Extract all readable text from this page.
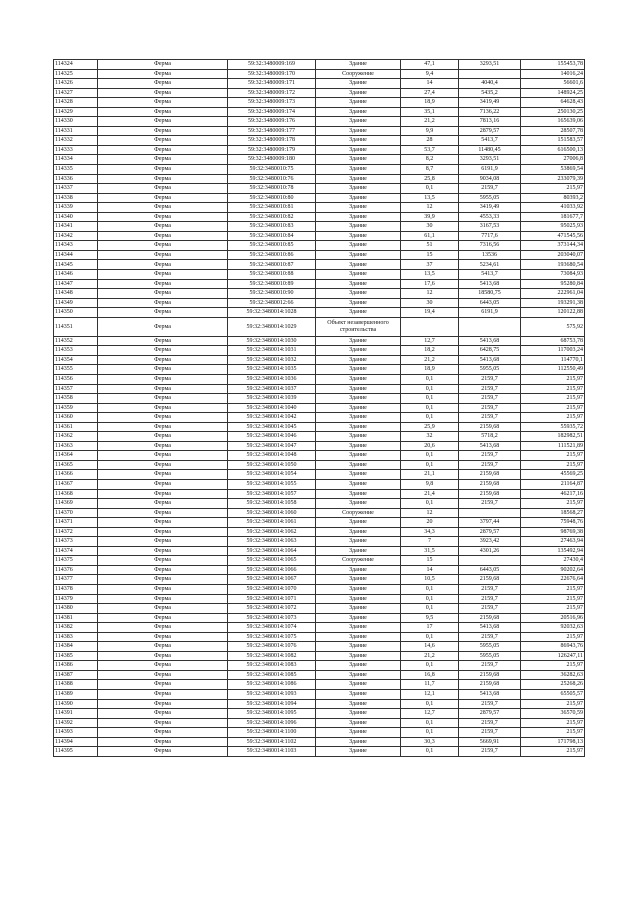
114324	Ферма	59:32:3480009:169	Здание	47,1	3293,51	155453,78
114325	Ферма	59:32:3480009:170	Сооружение	9,4		14016,24
114326	Ферма	59:32:3480009:171	Здание	14	4040,4	56601,6
114327	Ферма	59:32:3480009:172	Здание	27,4	5435,2	148924,25
114328	Ферма	59:32:3480009:173	Здание	18,9	3419,49	64628,43
114329	Ферма	59:32:3480009:174	Здание	35,1	7136,22	250130,25
114330	Ферма	59:32:3480009:176	Здание	21,2	7813,16	165639,06
114331	Ферма	59:32:3480009:177	Здание	9,9	2879,57	28507,78
114332	Ферма	59:32:3480009:178	Здание	28	5413,7	151583,57
114333	Ферма	59:32:3480009:179	Здание	53,7	11480,45	616500,13
114334	Ферма	59:32:3480009:180	Здание	8,2	3293,51	27006,8
114335	Ферма	59:32:3480010:75	Здание	8,7	6191,9	53869,54
114336	Ферма	59:32:3480010:76	Здание	25,8	9034,08	233079,39
114337	Ферма	59:32:3480010:78	Здание	0,1	2159,7	215,97
114338	Ферма	59:32:3480010:80	Здание	13,5	5955,05	80393,2
114339	Ферма	59:32:3480010:81	Здание	12	3419,49	41033,92
114340	Ферма	59:32:3480010:82	Здание	39,9	4553,33	181677,7
114341	Ферма	59:32:3480010:83	Здание	30	3167,53	95025,93
114342	Ферма	59:32:3480010:84	Здание	61,1	7717,6	471545,56
114343	Ферма	59:32:3480010:85	Здание	51	7316,56	373144,34
114344	Ферма	59:32:3480010:86	Здание	15	13536	203040,07
114345	Ферма	59:32:3480010:87	Здание	37	5234,61	193680,54
114346	Ферма	59:32:3480010:88	Здание	13,5	5413,7	73084,93
114347	Ферма	59:32:3480010:89	Здание	17,6	5413,68	95280,84
114348	Ферма	59:32:3480010:90	Здание	12	18580,75	222961,04
114349	Ферма	59:32:3480012:66	Здание	30	6443,05	193291,38
114350	Ферма	59:32:3480014:1028	Здание	19,4	6191,9	120122,88
114351	Ферма	59:32:3480014:1029	Объект незавершенного строительства			575,92
114352	Ферма	59:32:3480014:1030	Здание	12,7	5413,68	68753,78
114353	Ферма	59:32:3480014:1031	Здание	18,2	6428,75	117003,24
114354	Ферма	59:32:3480014:1032	Здание	21,2	5413,68	114770,1
114355	Ферма	59:32:3480014:1035	Здание	18,9	5955,05	112550,49
114356	Ферма	59:32:3480014:1036	Здание	0,1	2159,7	215,97
114357	Ферма	59:32:3480014:1037	Здание	0,1	2159,7	215,97
114358	Ферма	59:32:3480014:1039	Здание	0,1	2159,7	215,97
114359	Ферма	59:32:3480014:1040	Здание	0,1	2159,7	215,97
114360	Ферма	59:32:3480014:1042	Здание	0,1	2159,7	215,97
114361	Ферма	59:32:3480014:1045	Здание	25,9	2159,68	55935,72
114362	Ферма	59:32:3480014:1046	Здание	32	5718,2	182982,51
114363	Ферма	59:32:3480014:1047	Здание	20,6	5413,68	111521,89
114364	Ферма	59:32:3480014:1048	Здание	0,1	2159,7	215,97
114365	Ферма	59:32:3480014:1050	Здание	0,1	2159,7	215,97
114366	Ферма	59:32:3480014:1054	Здание	21,1	2159,68	45569,25
114367	Ферма	59:32:3480014:1055	Здание	9,8	2159,68	21164,87
114368	Ферма	59:32:3480014:1057	Здание	21,4	2159,68	46217,16
114369	Ферма	59:32:3480014:1058	Здание	0,1	2159,7	215,97
114370	Ферма	59:32:3480014:1060	Сооружение	12		18568,27
114371	Ферма	59:32:3480014:1061	Здание	20	3797,44	75948,76
114372	Ферма	59:32:3480014:1062	Здание	34,3	2879,57	98769,38
114373	Ферма	59:32:3480014:1063	Здание	7	3923,42	27463,94
114374	Ферма	59:32:3480014:1064	Здание	31,5	4301,26	135492,94
114375	Ферма	59:32:3480014:1065	Сооружение	15		27430,4
114376	Ферма	59:32:3480014:1066	Здание	14	6443,05	90202,64
114377	Ферма	59:32:3480014:1067	Здание	10,5	2159,68	22676,64
114378	Ферма	59:32:3480014:1070	Здание	0,1	2159,7	215,97
114379	Ферма	59:32:3480014:1071	Здание	0,1	2159,7	215,97
114380	Ферма	59:32:3480014:1072	Здание	0,1	2159,7	215,97
114381	Ферма	59:32:3480014:1073	Здание	9,5	2159,68	20516,96
114382	Ферма	59:32:3480014:1074	Здание	17	5413,68	92032,63
114383	Ферма	59:32:3480014:1075	Здание	0,1	2159,7	215,97
114384	Ферма	59:32:3480014:1076	Здание	14,6	5955,05	86943,76
114385	Ферма	59:32:3480014:1082	Здание	21,2	5955,05	126247,11
114386	Ферма	59:32:3480014:1083	Здание	0,1	2159,7	215,97
114387	Ферма	59:32:3480014:1085	Здание	16,8	2159,68	36282,63
114388	Ферма	59:32:3480014:1086	Здание	11,7	2159,68	25268,26
114389	Ферма	59:32:3480014:1093	Здание	12,1	5413,68	65505,57
114390	Ферма	59:32:3480014:1094	Здание	0,1	2159,7	215,97
114391	Ферма	59:32:3480014:1095	Здание	12,7	2879,57	36570,59
114392	Ферма	59:32:3480014:1096	Здание	0,1	2159,7	215,97
114393	Ферма	59:32:3480014:1100	Здание	0,1	2159,7	215,97
114394	Ферма	59:32:3480014:1102	Здание	30,3	5669,91	171798,13
114395	Ферма	59:32:3480014:1103	Здание	0,1	2159,7	215,97
